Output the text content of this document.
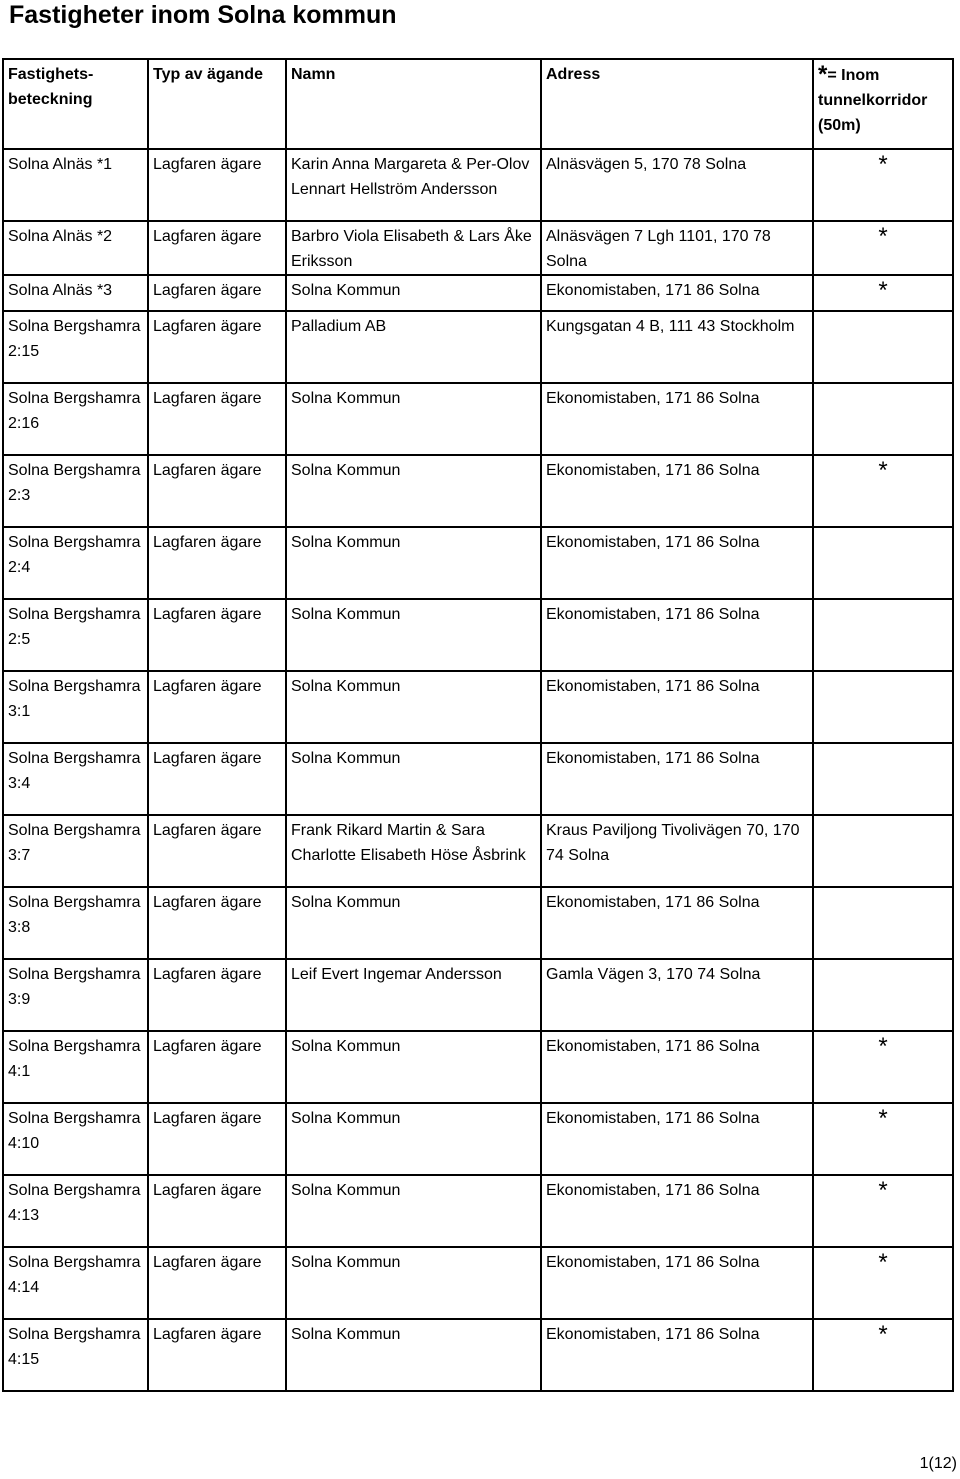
Fastigheter inom Solna kommun
Fastighets-beteckning	Typ av ägande	Namn	Adress	*= Inom tunnelkorridor (50m)
Solna Alnäs *1	Lagfaren ägare	Karin Anna Margareta & Per-Olov Lennart Hellström Andersson	Alnäsvägen 5, 170 78 Solna	*
Solna Alnäs *2	Lagfaren ägare	Barbro Viola Elisabeth & Lars Åke Eriksson	Alnäsvägen 7 Lgh 1101, 170 78 Solna	*
Solna Alnäs *3	Lagfaren ägare	Solna Kommun	Ekonomistaben, 171 86 Solna	*
Solna Bergshamra 2:15	Lagfaren ägare	Palladium AB	Kungsgatan 4 B, 111 43 Stockholm	
Solna Bergshamra 2:16	Lagfaren ägare	Solna Kommun	Ekonomistaben, 171 86 Solna	
Solna Bergshamra 2:3	Lagfaren ägare	Solna Kommun	Ekonomistaben, 171 86 Solna	*
Solna Bergshamra 2:4	Lagfaren ägare	Solna Kommun	Ekonomistaben, 171 86 Solna	
Solna Bergshamra 2:5	Lagfaren ägare	Solna Kommun	Ekonomistaben, 171 86 Solna	
Solna Bergshamra 3:1	Lagfaren ägare	Solna Kommun	Ekonomistaben, 171 86 Solna	
Solna Bergshamra 3:4	Lagfaren ägare	Solna Kommun	Ekonomistaben, 171 86 Solna	
Solna Bergshamra 3:7	Lagfaren ägare	Frank Rikard Martin & Sara Charlotte Elisabeth Höse Åsbrink	Kraus Paviljong Tivolivägen 70, 170 74 Solna	
Solna Bergshamra 3:8	Lagfaren ägare	Solna Kommun	Ekonomistaben, 171 86 Solna	
Solna Bergshamra 3:9	Lagfaren ägare	Leif Evert Ingemar Andersson	Gamla Vägen 3, 170 74 Solna	
Solna Bergshamra 4:1	Lagfaren ägare	Solna Kommun	Ekonomistaben, 171 86 Solna	*
Solna Bergshamra 4:10	Lagfaren ägare	Solna Kommun	Ekonomistaben, 171 86 Solna	*
Solna Bergshamra 4:13	Lagfaren ägare	Solna Kommun	Ekonomistaben, 171 86 Solna	*
Solna Bergshamra 4:14	Lagfaren ägare	Solna Kommun	Ekonomistaben, 171 86 Solna	*
Solna Bergshamra 4:15	Lagfaren ägare	Solna Kommun	Ekonomistaben, 171 86 Solna	*
1(12)
